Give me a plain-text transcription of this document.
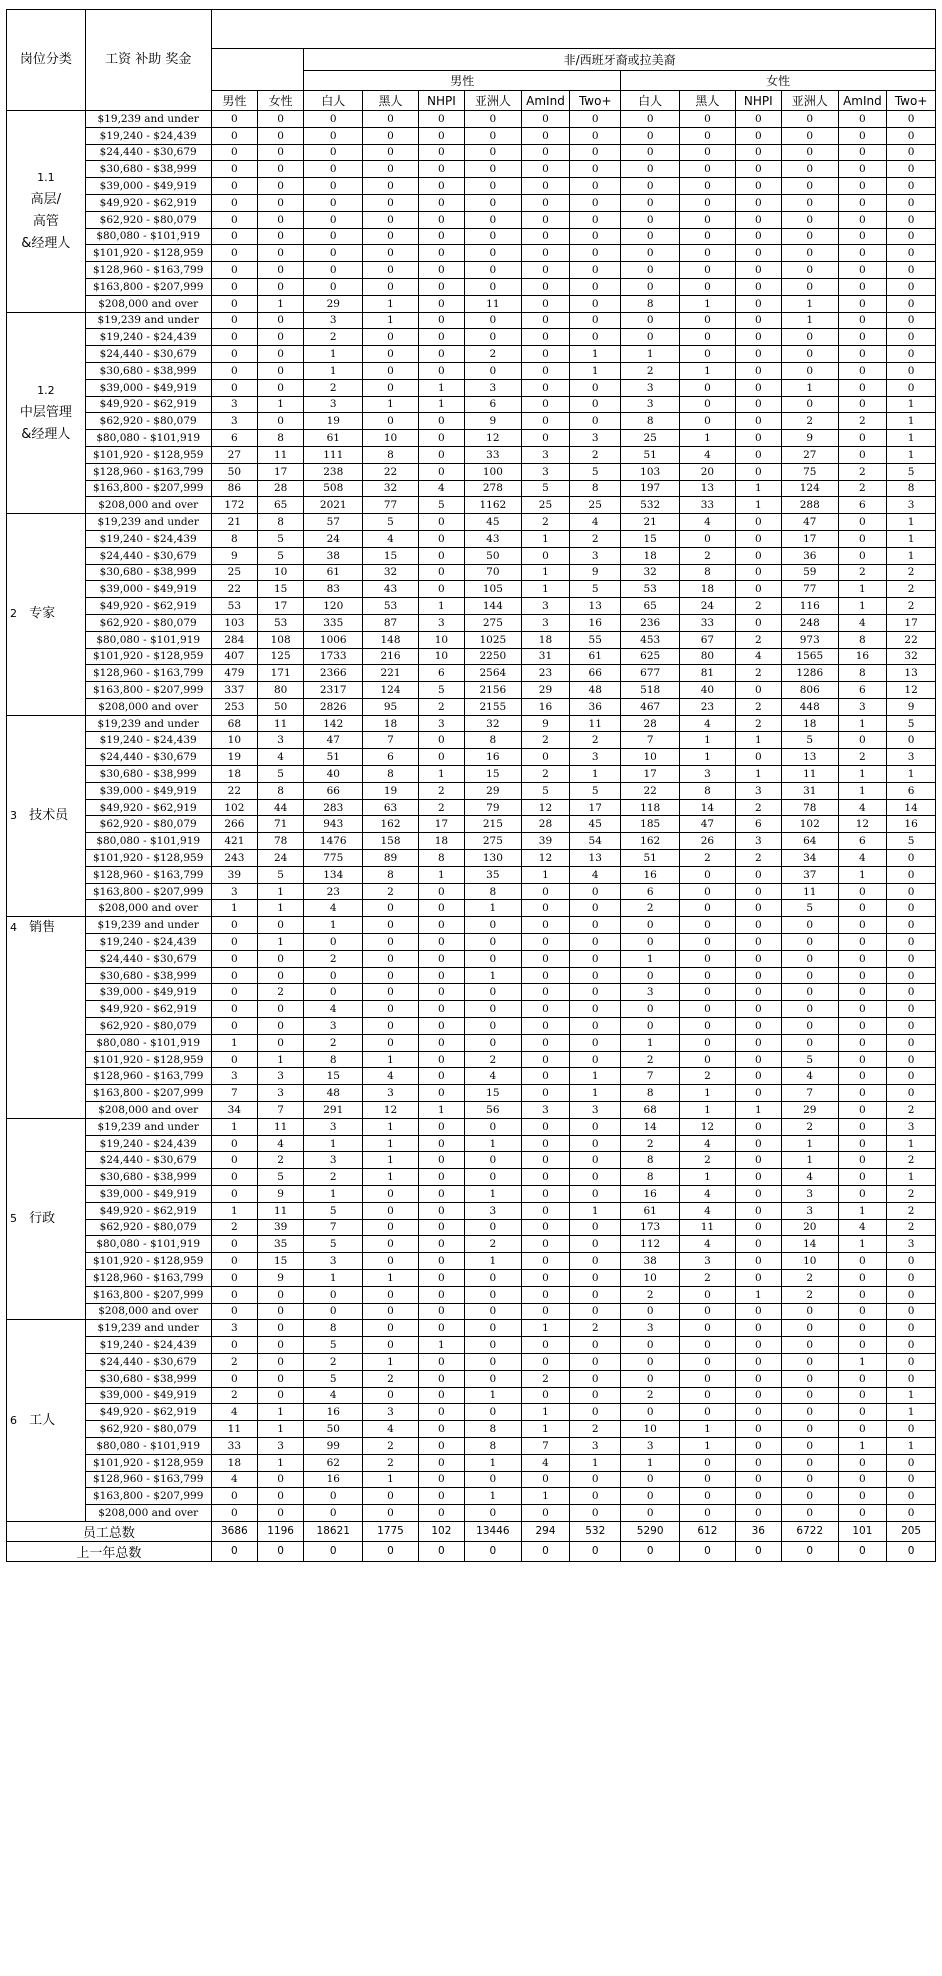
岗位分类	工资 补助 奖金														
				非/西班牙裔或拉美裔											
				男性						女性					
		男性	女性	白人	黑人	NHPI	亚洲人	AmInd	Two+	白人	黑人	NHPI	亚洲人	AmInd	Two+

1.1
高层/
高管
&经理人	$19,239 and under	0	0	0	0	0	0	0	0	0	0	0	0	0	0
	$19,240 - $24,439	0	0	0	0	0	0	0	0	0	0	0	0	0	0
	$24,440 - $30,679	0	0	0	0	0	0	0	0	0	0	0	0	0	0
	$30,680 - $38,999	0	0	0	0	0	0	0	0	0	0	0	0	0	0
	$39,000 - $49,919	0	0	0	0	0	0	0	0	0	0	0	0	0	0
	$49,920 - $62,919	0	0	0	0	0	0	0	0	0	0	0	0	0	0
	$62,920 - $80,079	0	0	0	0	0	0	0	0	0	0	0	0	0	0
	$80,080 - $101,919	0	0	0	0	0	0	0	0	0	0	0	0	0	0
	$101,920 - $128,959	0	0	0	0	0	0	0	0	0	0	0	0	0	0
	$128,960 - $163,799	0	0	0	0	0	0	0	0	0	0	0	0	0	0
	$163,800 - $207,999	0	0	0	0	0	0	0	0	0	0	0	0	0	0
	$208,000 and over	0	1	29	1	0	11	0	0	8	1	0	1	0	0

1.2
中层管理
&经理人	$19,239 and under	0	0	3	1	0	0	0	0	0	0	0	1	0	0
	$19,240 - $24,439	0	0	2	0	0	0	0	0	0	0	0	0	0	0
	$24,440 - $30,679	0	0	1	0	0	2	0	1	1	0	0	0	0	0
	$30,680 - $38,999	0	0	1	0	0	0	0	1	2	1	0	0	0	0
	$39,000 - $49,919	0	0	2	0	1	3	0	0	3	0	0	1	0	0
	$49,920 - $62,919	3	1	3	1	1	6	0	0	3	0	0	0	0	1
	$62,920 - $80,079	3	0	19	0	0	9	0	0	8	0	0	2	2	1
	$80,080 - $101,919	6	8	61	10	0	12	0	3	25	1	0	9	0	1
	$101,920 - $128,959	27	11	111	8	0	33	3	2	51	4	0	27	0	1
	$128,960 - $163,799	50	17	238	22	0	100	3	5	103	20	0	75	2	5
	$163,800 - $207,999	86	28	508	32	4	278	5	8	197	13	1	124	2	8
	$208,000 and over	172	65	2021	77	5	1162	25	25	532	33	1	288	6	3
2 专家	$19,239 and under	21	8	57	5	0	45	2	4	21	4	0	47	0	1
	$19,240 - $24,439	8	5	24	4	0	43	1	2	15	0	0	17	0	1
	$24,440 - $30,679	9	5	38	15	0	50	0	3	18	2	0	36	0	1
	$30,680 - $38,999	25	10	61	32	0	70	1	9	32	8	0	59	2	2
	$39,000 - $49,919	22	15	83	43	0	105	1	5	53	18	0	77	1	2
	$49,920 - $62,919	53	17	120	53	1	144	3	13	65	24	2	116	1	2
	$62,920 - $80,079	103	53	335	87	3	275	3	16	236	33	0	248	4	17
	$80,080 - $101,919	284	108	1006	148	10	1025	18	55	453	67	2	973	8	22
	$101,920 - $128,959	407	125	1733	216	10	2250	31	61	625	80	4	1565	16	32
	$128,960 - $163,799	479	171	2366	221	6	2564	23	66	677	81	2	1286	8	13
	$163,800 - $207,999	337	80	2317	124	5	2156	29	48	518	40	0	806	6	12
	$208,000 and over	253	50	2826	95	2	2155	16	36	467	23	2	448	3	9
3 技术员	$19,239 and under	68	11	142	18	3	32	9	11	28	4	2	18	1	5
	$19,240 - $24,439	10	3	47	7	0	8	2	2	7	1	1	5	0	0
	$24,440 - $30,679	19	4	51	6	0	16	0	3	10	1	0	13	2	3
	$30,680 - $38,999	18	5	40	8	1	15	2	1	17	3	1	11	1	1
	$39,000 - $49,919	22	8	66	19	2	29	5	5	22	8	3	31	1	6
	$49,920 - $62,919	102	44	283	63	2	79	12	17	118	14	2	78	4	14
	$62,920 - $80,079	266	71	943	162	17	215	28	45	185	47	6	102	12	16
	$80,080 - $101,919	421	78	1476	158	18	275	39	54	162	26	3	64	6	5
	$101,920 - $128,959	243	24	775	89	8	130	12	13	51	2	2	34	4	0
	$128,960 - $163,799	39	5	134	8	1	35	1	4	16	0	0	37	1	0
	$163,800 - $207,999	3	1	23	2	0	8	0	0	6	0	0	11	0	0
	$208,000 and over	1	1	4	0	0	1	0	0	2	0	0	5	0	0
4 销售	$19,239 and under	0	0	1	0	0	0	0	0	0	0	0	0	0	0
	$19,240 - $24,439	0	1	0	0	0	0	0	0	0	0	0	0	0	0
	$24,440 - $30,679	0	0	2	0	0	0	0	0	1	0	0	0	0	0
	$30,680 - $38,999	0	0	0	0	0	1	0	0	0	0	0	0	0	0
	$39,000 - $49,919	0	2	0	0	0	0	0	0	3	0	0	0	0	0
	$49,920 - $62,919	0	0	4	0	0	0	0	0	0	0	0	0	0	0
	$62,920 - $80,079	0	0	3	0	0	0	0	0	0	0	0	0	0	0
	$80,080 - $101,919	1	0	2	0	0	0	0	0	1	0	0	0	0	0
	$101,920 - $128,959	0	1	8	1	0	2	0	0	2	0	0	5	0	0
	$128,960 - $163,799	3	3	15	4	0	4	0	1	7	2	0	4	0	0
	$163,800 - $207,999	7	3	48	3	0	15	0	1	8	1	0	7	0	0
	$208,000 and over	34	7	291	12	1	56	3	3	68	1	1	29	0	2
5 行政	$19,239 and under	1	11	3	1	0	0	0	0	14	12	0	2	0	3
	$19,240 - $24,439	0	4	1	1	0	1	0	0	2	4	0	1	0	1
	$24,440 - $30,679	0	2	3	1	0	0	0	0	8	2	0	1	0	2
	$30,680 - $38,999	0	5	2	1	0	0	0	0	8	1	0	4	0	1
	$39,000 - $49,919	0	9	1	0	0	1	0	0	16	4	0	3	0	2
	$49,920 - $62,919	1	11	5	0	0	3	0	1	61	4	0	3	1	2
	$62,920 - $80,079	2	39	7	0	0	0	0	0	173	11	0	20	4	2
	$80,080 - $101,919	0	35	5	0	0	2	0	0	112	4	0	14	1	3
	$101,920 - $128,959	0	15	3	0	0	1	0	0	38	3	0	10	0	0
	$128,960 - $163,799	0	9	1	1	0	0	0	0	10	2	0	2	0	0
	$163,800 - $207,999	0	0	0	0	0	0	0	0	2	0	1	2	0	0
	$208,000 and over	0	0	0	0	0	0	0	0	0	0	0	0	0	0
6 工人	$19,239 and under	3	0	8	0	0	0	1	2	3	0	0	0	0	0
	$19,240 - $24,439	0	0	5	0	1	0	0	0	0	0	0	0	0	0
	$24,440 - $30,679	2	0	2	1	0	0	0	0	0	0	0	0	1	0
	$30,680 - $38,999	0	0	5	2	0	0	2	0	0	0	0	0	0	0
	$39,000 - $49,919	2	0	4	0	0	1	0	0	2	0	0	0	0	1
	$49,920 - $62,919	4	1	16	3	0	0	1	0	0	0	0	0	0	1
	$62,920 - $80,079	11	1	50	4	0	8	1	2	10	1	0	0	0	0
	$80,080 - $101,919	33	3	99	2	0	8	7	3	3	1	0	0	1	1
	$101,920 - $128,959	18	1	62	2	0	1	4	1	1	0	0	0	0	0
	$128,960 - $163,799	4	0	16	1	0	0	0	0	0	0	0	0	0	0
	$163,800 - $207,999	0	0	0	0	0	1	1	0	0	0	0	0	0	0
	$208,000 and over	0	0	0	0	0	0	0	0	0	0	0	0	0	0
员工总数		3686	1196	18621	1775	102	13446	294	532	5290	612	36	6722	101	205
上一年总数		0	0	0	0	0	0	0	0	0	0	0	0	0	0
